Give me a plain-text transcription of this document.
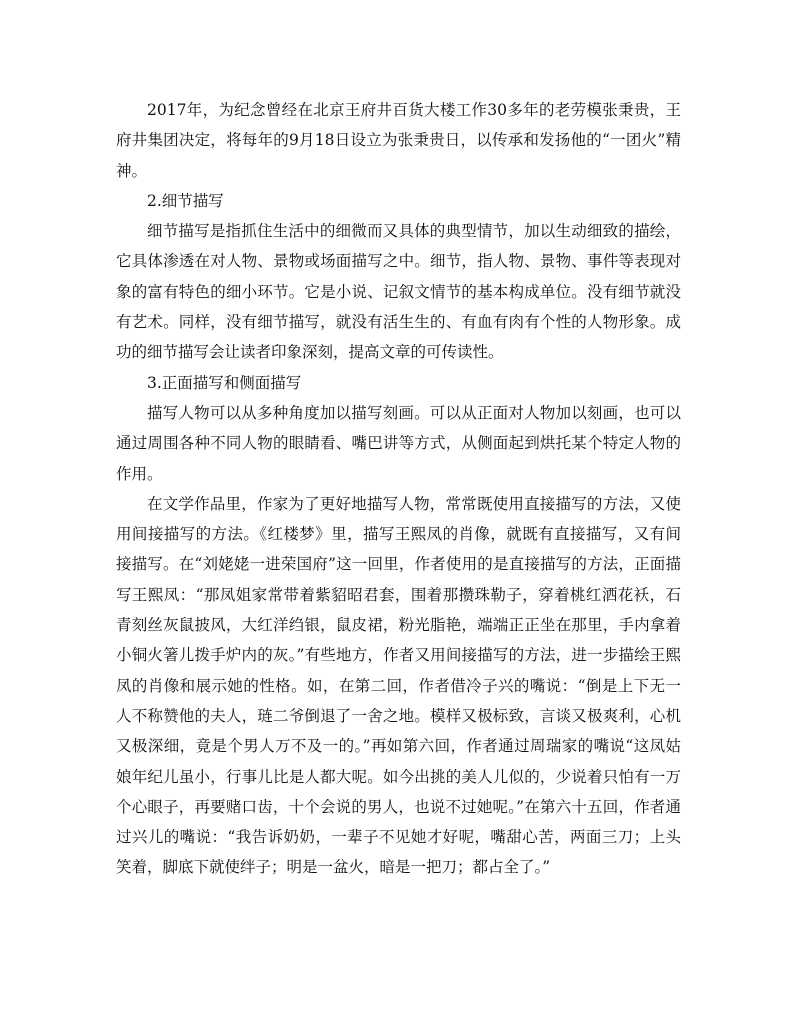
2017年，为纪念曾经在北京王府井百货大楼工作30多年的老劳模张秉贵，王府井集团决定，将每年的9月18日设立为张秉贵日，以传承和发扬他的“一团火”精神。

2.细节描写

细节描写是指抓住生活中的细微而又具体的典型情节，加以生动细致的描绘，它具体渗透在对人物、景物或场面描写之中。细节，指人物、景物、事件等表现对象的富有特色的细小环节。它是小说、记叙文情节的基本构成单位。没有细节就没有艺术。同样，没有细节描写，就没有活生生的、有血有肉有个性的人物形象。成功的细节描写会让读者印象深刻，提高文章的可传读性。

3.正面描写和侧面描写

描写人物可以从多种角度加以描写刻画。可以从正面对人物加以刻画，也可以通过周围各种不同人物的眼睛看、嘴巴讲等方式，从侧面起到烘托某个特定人物的作用。

在文学作品里，作家为了更好地描写人物，常常既使用直接描写的方法，又使用间接描写的方法。《红楼梦》里，描写王熙凤的肖像，就既有直接描写，又有间接描写。在“刘姥姥一进荣国府”这一回里，作者使用的是直接描写的方法，正面描写王熙凤：“那凤姐家常带着紫貂昭君套，围着那攒珠勒子，穿着桃红洒花袄，石青刻丝灰鼠披风，大红洋绉银，鼠皮裙，粉光脂艳，端端正正坐在那里，手内拿着小铜火箸儿拨手炉内的灰。”有些地方，作者又用间接描写的方法，进一步描绘王熙凤的肖像和展示她的性格。如，在第二回，作者借冷子兴的嘴说：“倒是上下无一人不称赞他的夫人，琏二爷倒退了一舍之地。模样又极标致，言谈又极爽利，心机又极深细，竟是个男人万不及一的。”再如第六回，作者通过周瑞家的嘴说“这凤姑娘年纪儿虽小，行事儿比是人都大呢。如今出挑的美人儿似的，少说着只怕有一万个心眼子，再要赌口齿，十个会说的男人，也说不过她呢。”在第六十五回，作者通过兴儿的嘴说：“我告诉奶奶，一辈子不见她才好呢，嘴甜心苦，两面三刀；上头笑着，脚底下就使绊子；明是一盆火，暗是一把刀；都占全了。”
